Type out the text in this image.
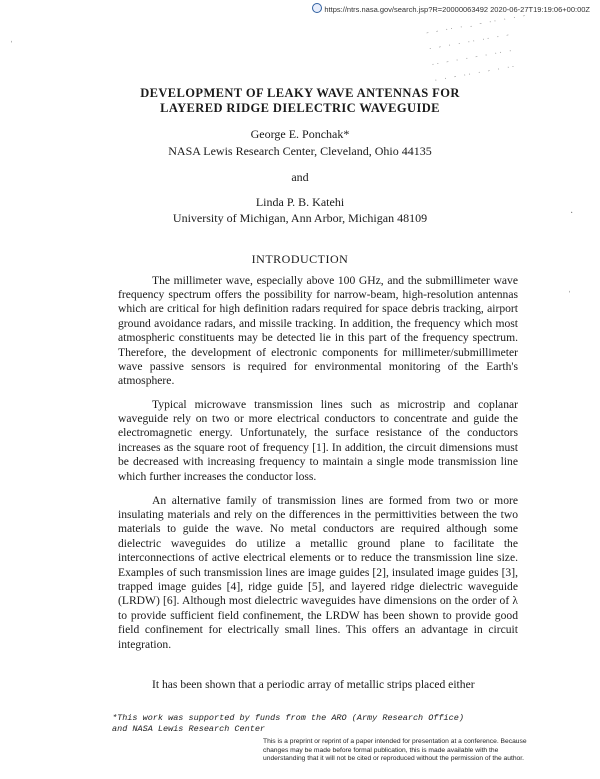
https://ntrs.nasa.gov/search.jsp?R=20000063492 2020-06-27T19:19:06+00:00Z
- - ·· · . - ·· · · -
· - · · ·· ·· · -
·· - · · - · ·· ·
· · - ·· · - · ··
ˈ
·
ˈ
DEVELOPMENT OF LEAKY WAVE ANTENNAS FOR
LAYERED RIDGE DIELECTRIC WAVEGUIDE
George E. Ponchak*
NASA Lewis Research Center, Cleveland, Ohio 44135
and
Linda P. B. Katehi
University of Michigan, Ann Arbor, Michigan 48109
INTRODUCTION

The millimeter wave, especially above 100 GHz, and the submillimeter wave frequency spectrum offers the possibility for narrow-beam, high-resolution antennas which are critical for high definition radars required for space debris tracking, airport ground avoidance radars, and missile tracking. In addition, the frequency which most atmospheric constituents may be detected lie in this part of the frequency spectrum. Therefore, the development of electronic components for millimeter/submillimeter wave passive sensors is required for environmental monitoring of the Earth's atmosphere.

Typical microwave transmission lines such as microstrip and coplanar waveguide rely on two or more electrical conductors to concentrate and guide the electromagnetic energy. Unfortunately, the surface resistance of the conductors increases as the square root of frequency [1]. In addition, the circuit dimensions must be decreased with increasing frequency to maintain a single mode transmission line which further increases the conductor loss.

An alternative family of transmission lines are formed from two or more insulating materials and rely on the differences in the permittivities between the two materials to guide the wave. No metal conductors are required although some dielectric waveguides do utilize a metallic ground plane to facilitate the interconnections of active electrical elements or to reduce the transmission line size. Examples of such transmission lines are image guides [2], insulated image guides [3], trapped image guides [4], ridge guide [5], and layered ridge dielectric waveguide (LRDW) [6]. Although most dielectric waveguides have dimensions on the order of λ to provide sufficient field confinement, the LRDW has been shown to provide good field confinement for electrically small lines. This offers an advantage in circuit integration.

It has been shown that a periodic array of metallic strips placed either

*This work was supported by funds from the ARO (Army Research Office)
and NASA Lewis Research Center
This is a preprint or reprint of a paper intended for presentation at a conference. Because changes may be made before formal publication, this is made available with the understanding that it will not be cited or reproduced without the permission of the author.
